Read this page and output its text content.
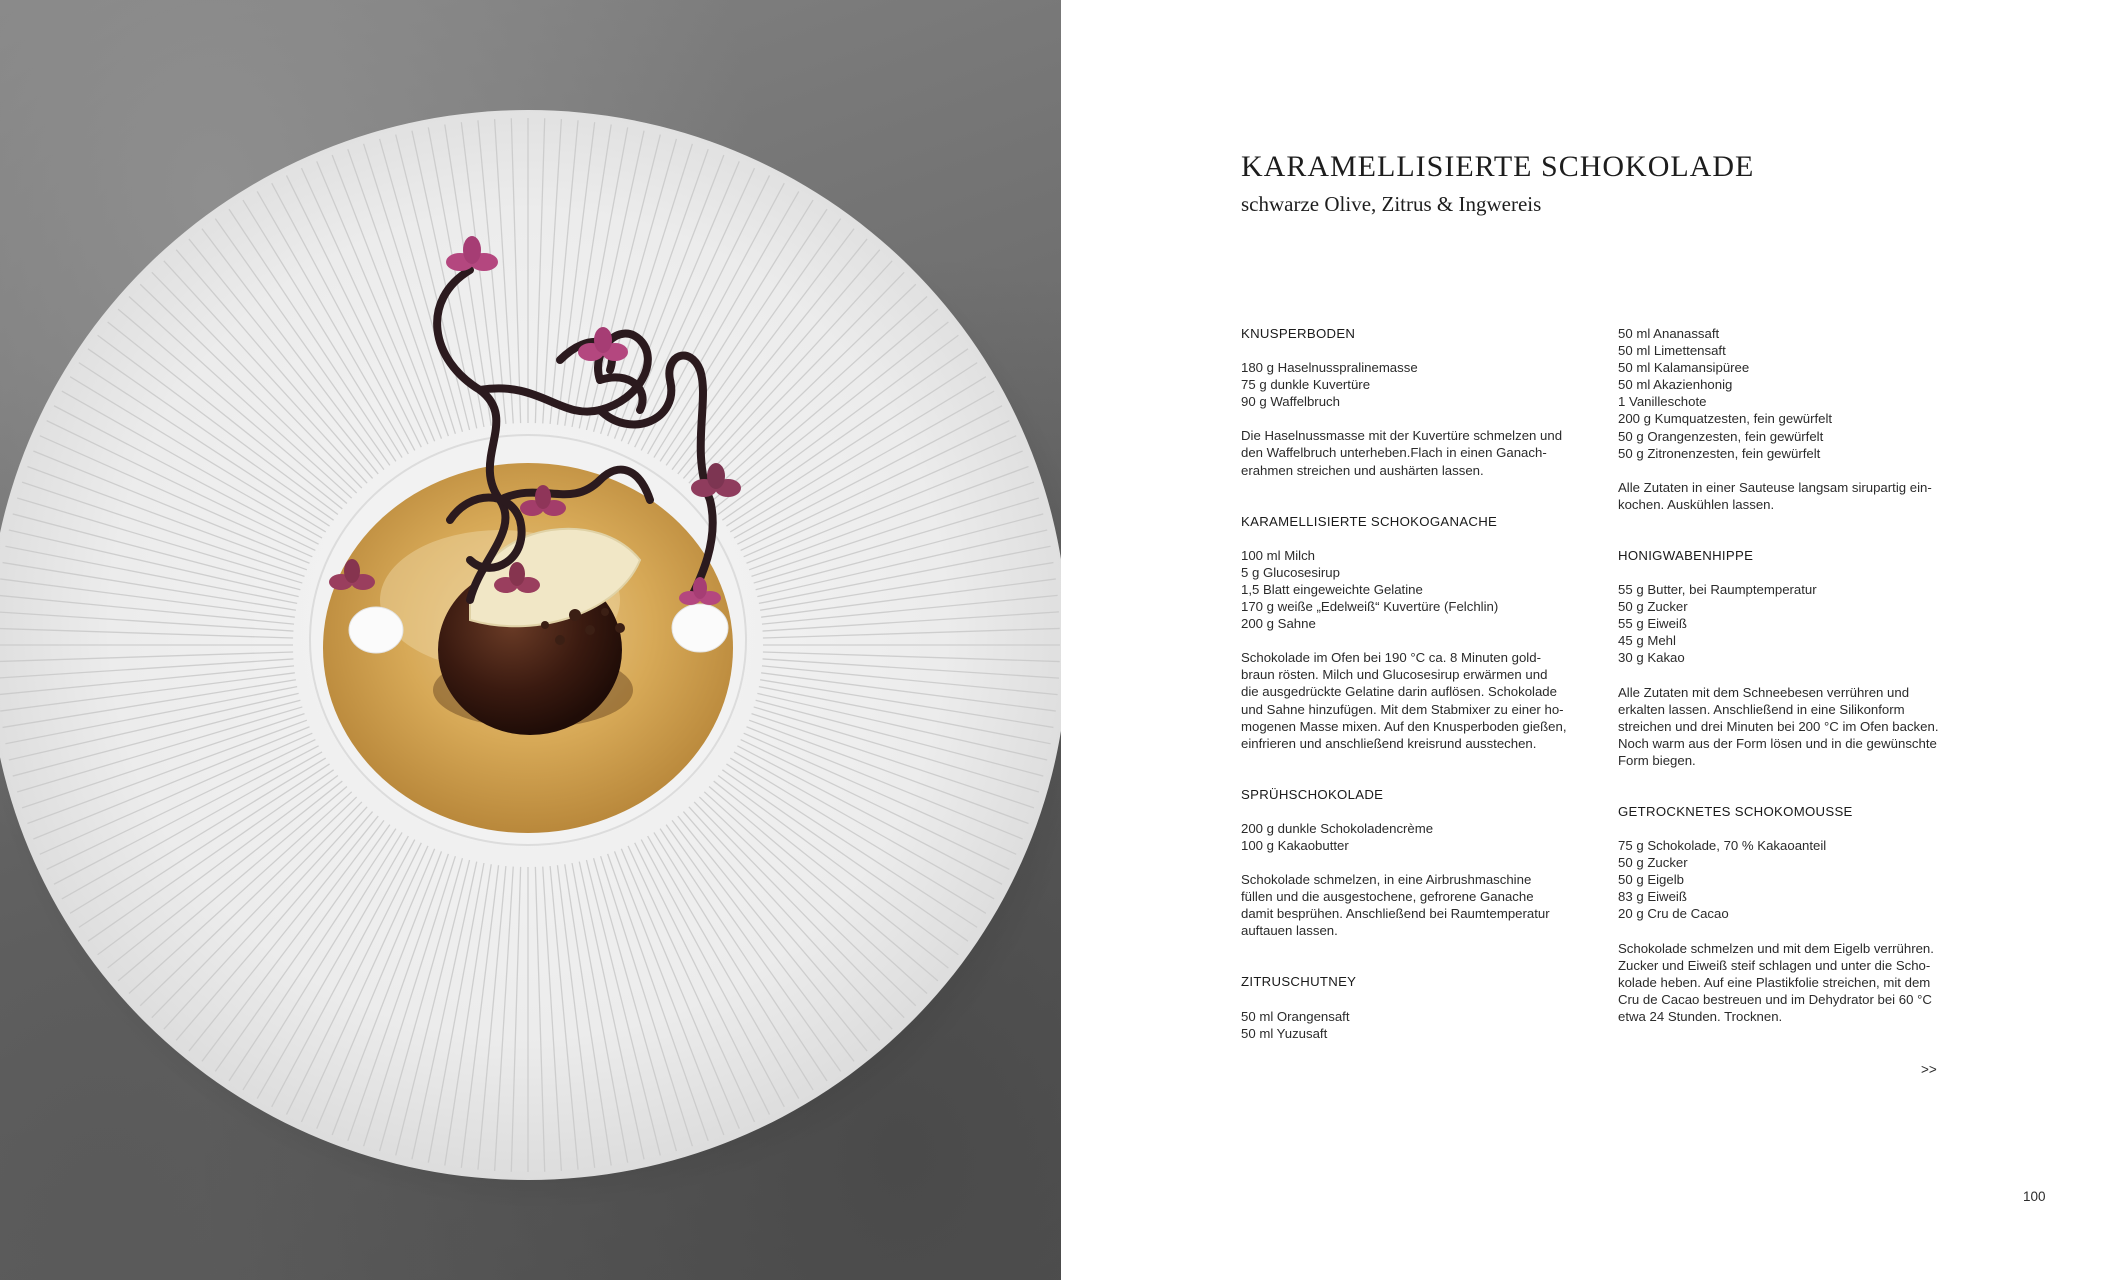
KARAMELLISIERTE SCHOKOLADE
schwarze Olive, Zitrus & Ingwereis
KNUSPERBODEN
180 g Haselnusspralinemasse
75 g dunkle Kuvertüre
90 g Waffelbruch

Die Haselnussmasse mit der Kuvertüre schmelzen und
den Waffelbruch unterheben.Flach in einen Ganach-
erahmen streichen und aushärten lassen.

KARAMELLISIERTE SCHOKOGANACHE
100 ml Milch
5 g Glucosesirup
1,5 Blatt eingeweichte Gelatine
170 g weiße „Edelweiß“ Kuvertüre (Felchlin)
200 g Sahne

Schokolade im Ofen bei 190 °C ca. 8 Minuten gold-
braun rösten. Milch und Glucosesirup erwärmen und
die ausgedrückte Gelatine darin auflösen. Schokolade
und Sahne hinzufügen. Mit dem Stabmixer zu einer ho-
mogenen Masse mixen. Auf den Knusperboden gießen,
einfrieren und anschließend kreisrund ausstechen.

SPRÜHSCHOKOLADE
200 g dunkle Schokoladencrème
100 g Kakaobutter

Schokolade schmelzen, in eine Airbrushmaschine
füllen und die ausgestochene, gefrorene Ganache
damit besprühen. Anschließend bei Raumtemperatur
auftauen lassen.

ZITRUSCHUTNEY
50 ml Orangensaft
50 ml Yuzusaft
50 ml Ananassaft
50 ml Limettensaft
50 ml Kalamansipüree
50 ml Akazienhonig
1 Vanilleschote
200 g Kumquatzesten, fein gewürfelt
50 g Orangenzesten, fein gewürfelt
50 g Zitronenzesten, fein gewürfelt

Alle Zutaten in einer Sauteuse langsam sirupartig ein-
kochen. Auskühlen lassen.

HONIGWABENHIPPE
55 g Butter, bei Raumptemperatur
50 g Zucker
55 g Eiweiß
45 g Mehl
30 g Kakao

Alle Zutaten mit dem Schneebesen verrühren und
erkalten lassen. Anschließend in eine Silikonform
streichen und drei Minuten bei 200 °C im Ofen backen.
Noch warm aus der Form lösen und in die gewünschte
Form biegen.

GETROCKNETES SCHOKOMOUSSE
75 g Schokolade, 70 % Kakaoanteil
50 g Zucker
50 g Eigelb
83 g Eiweiß
20 g Cru de Cacao

Schokolade schmelzen und mit dem Eigelb verrühren.
Zucker und Eiweiß steif schlagen und unter die Scho-
kolade heben. Auf eine Plastikfolie streichen, mit dem
Cru de Cacao bestreuen und im Dehydrator bei 60 °C
etwa 24 Stunden. Trocknen.

>>
100
